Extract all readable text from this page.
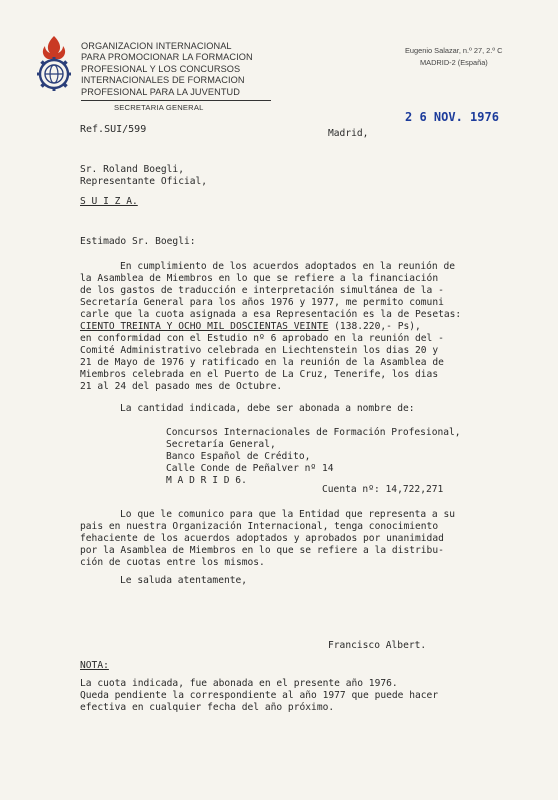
ORGANIZACION INTERNACIONAL
PARA PROMOCIONAR LA FORMACION
PROFESIONAL Y LOS CONCURSOS
INTERNACIONALES DE FORMACION
PROFESIONAL PARA LA JUVENTUD
SECRETARIA GENERAL
Eugenio Salazar, n.º 27, 2.º C
MADRID-2 (España)
Ref.SUI/599	Madrid,
2 6 NOV. 1976
Sr. Roland Boegli,
Representante Oficial,
S U I Z A.
Estimado Sr. Boegli:
En cumplimiento de los acuerdos adoptados en la reunión de
la Asamblea de Miembros en lo que se refiere a la financiación
de los gastos de traducción e interpretación simultánea de la -
Secretaría General para los años 1976 y 1977, me permito comuni
carle que la cuota asignada a esa Representación es la de Pesetas:
CIENTO TREINTA Y OCHO MIL DOSCIENTAS VEINTE (138.220,- Ps),
en conformidad con el Estudio nº 6 aprobado en la reunión del -
Comité Administrativo celebrada en Liechtenstein los dias 20 y
21 de Mayo de 1976 y ratificado en la reunión de la Asamblea de
Miembros celebrada en el Puerto de La Cruz, Tenerife, los dias
21 al 24 del pasado mes de Octubre.
La cantidad indicada, debe ser abonada a nombre de:
Concursos Internacionales de Formación Profesional,
Secretaría General,
Banco Español de Crédito,
Calle Conde de Peñalver nº 14
M A D R I D 6.
Cuenta nº: 14,722,271
Lo que le comunico para que la Entidad que representa a su
pais en nuestra Organización Internacional, tenga conocimiento
fehaciente de los acuerdos adoptados y aprobados por unanimidad
por la Asamblea de Miembros en lo que se refiere a la distribu-
ción de cuotas entre los mismos.
Le saluda atentamente,
Francisco Albert.
NOTA:
La cuota indicada, fue abonada en el presente año 1976.
Queda pendiente la correspondiente al año 1977 que puede hacer
efectiva en cualquier fecha del año próximo.
